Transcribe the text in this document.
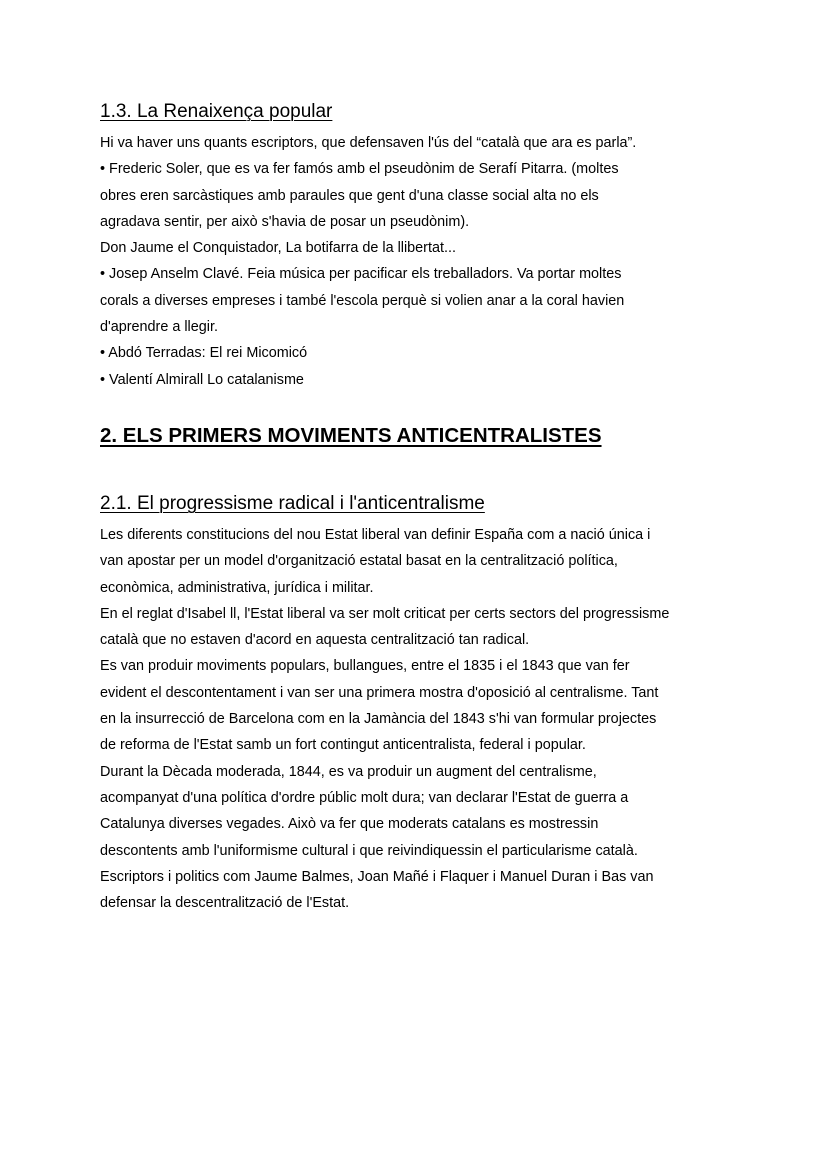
1.3. La Renaixença popular

Hi va haver uns quants escriptors, que defensaven l'ús del “català que ara es parla”.

• Frederic Soler, que es va fer famós amb el pseudònim de Serafí Pitarra. (moltes

obres eren sarcàstiques amb paraules que gent d'una classe social alta no els

agradava sentir, per això s'havia de posar un pseudònim).

Don Jaume el Conquistador, La botifarra de la llibertat...

• Josep Anselm Clavé. Feia música per pacificar els treballadors. Va portar moltes

corals a diverses empreses i també l'escola perquè si volien anar a la coral havien

d'aprendre a llegir.

• Abdó Terradas: El rei Micomicó

• Valentí Almirall Lo catalanisme

2. ELS PRIMERS MOVIMENTS ANTICENTRALISTES
2.1. El progressisme radical i l'anticentralisme

Les diferents constitucions del nou Estat liberal van definir España com a nació única i

van apostar per un model d'organització estatal basat en la centralització política,

econòmica, administrativa, jurídica i militar.

En el reglat d'Isabel ll, l'Estat liberal va ser molt criticat per certs sectors del progressisme

català que no estaven d'acord en aquesta centralització tan radical.

Es van produir moviments populars, bullangues, entre el 1835 i el 1843 que van fer

evident el descontentament i van ser una primera mostra d'oposició al centralisme. Tant

en la insurrecció de Barcelona com en la Jamància del 1843 s'hi van formular projectes

de reforma de l'Estat samb un fort contingut anticentralista, federal i popular.

Durant la Dècada moderada, 1844, es va produir un augment del centralisme,

acompanyat d'una política d'ordre públic molt dura; van declarar l'Estat de guerra a

Catalunya diverses vegades. Això va fer que moderats catalans es mostressin

descontents amb l'uniformisme cultural i que reivindiquessin el particularisme català.

Escriptors i politics com Jaume Balmes, Joan Mañé i Flaquer i Manuel Duran i Bas van

defensar la descentralització de l'Estat.
